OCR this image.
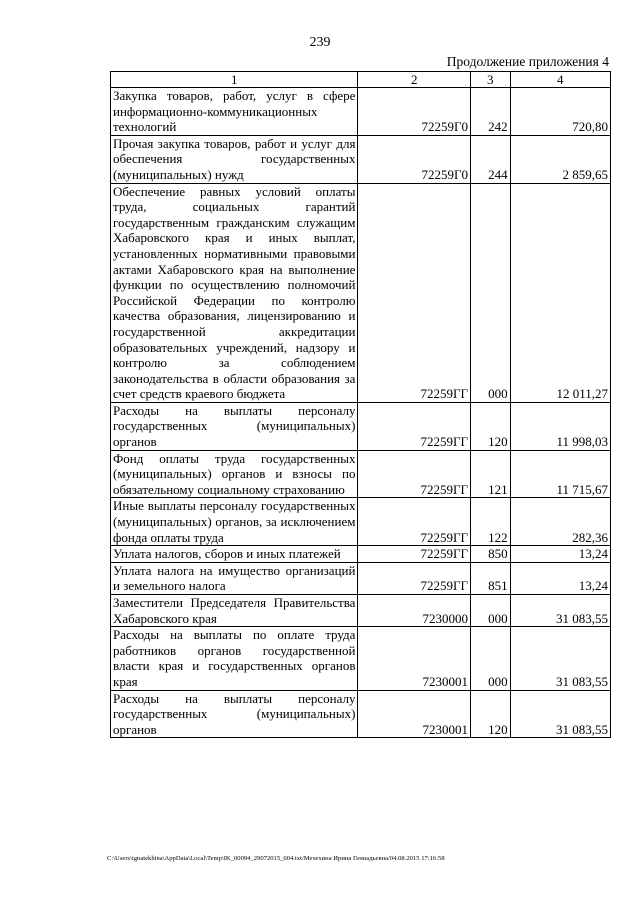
239
Продолжение приложения 4
1	2	3	4
Закупка товаров, работ, услуг в сфере информационно-коммуникационных технологий	72259Г0	242	720,80
Прочая закупка товаров, работ и услуг для обеспечения государственных (муниципальных) нужд	72259Г0	244	2 859,65
Обеспечение равных условий оплаты труда, социальных гарантий государственным гражданским служащим Хабаровского края и иных выплат, установленных нормативными правовыми актами Хабаровского края на выполнение функции по осуществлению полномочий Российской Федерации по контролю качества образования, лицензированию и государственной аккредитации образовательных учреждений, надзору и контролю за соблюдением законодательства в области образования за счет средств краевого бюджета	72259ГГ	000	12 011,27
Расходы на выплаты персоналу государственных (муниципальных) органов	72259ГГ	120	11 998,03
Фонд оплаты труда государственных (муниципальных) органов и взносы по обязательному социальному страхованию	72259ГГ	121	11 715,67
Иные выплаты персоналу государственных (муниципальных) органов, за исключением фонда оплаты труда	72259ГГ	122	282,36
Уплата налогов, сборов и иных платежей	72259ГГ	850	13,24
Уплата налога на имущество организаций и земельного налога	72259ГГ	851	13,24
Заместители Председателя Правительства Хабаровского края	7230000	000	31 083,55
Расходы на выплаты по оплате труда работников органов государственной власти края и государственных органов края	7230001	000	31 083,55
Расходы на выплаты персоналу государственных (муниципальных) органов	7230001	120	31 083,55
C:\Users\ignatekhina\AppData\Local\Temp\IK_00094_29072015_004.txt/Мехехина Ирина Геннадьевна/04.08.2015 17:16:58
